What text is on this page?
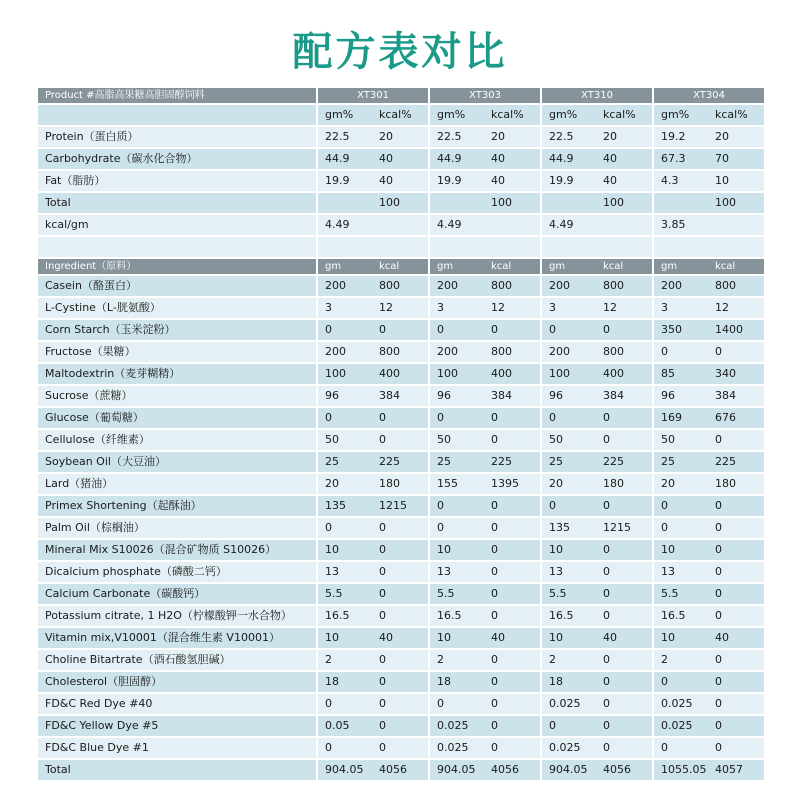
配方表对比
Product #高脂高果糖高胆固醇饲料	XT301		XT303		XT310		XT304	
	gm%	kcal%	gm%	kcal%	gm%	kcal%	gm%	kcal%
Protein（蛋白质）	22.5	20	22.5	20	22.5	20	19.2	20
Carbohydrate（碳水化合物）	44.9	40	44.9	40	44.9	40	67.3	70
Fat（脂肪）	19.9	40	19.9	40	19.9	40	4.3	10
Total		100		100		100		100
kcal/gm	4.49		4.49		4.49		3.85	

Ingredient（原料）	gm	kcal	gm	kcal	gm	kcal	gm	kcal
Casein（酪蛋白）	200	800	200	800	200	800	200	800
L-Cystine（L-胱氨酸）	3	12	3	12	3	12	3	12
Corn Starch（玉米淀粉）	0	0	0	0	0	0	350	1400
Fructose（果糖）	200	800	200	800	200	800	0	0
Maltodextrin（麦芽糊精）	100	400	100	400	100	400	85	340
Sucrose（蔗糖）	96	384	96	384	96	384	96	384
Glucose（葡萄糖）	0	0	0	0	0	0	169	676
Cellulose（纤维素）	50	0	50	0	50	0	50	0
Soybean Oil（大豆油）	25	225	25	225	25	225	25	225
Lard（猪油）	20	180	155	1395	20	180	20	180
Primex Shortening（起酥油）	135	1215	0	0	0	0	0	0
Palm Oil（棕榈油）	0	0	0	0	135	1215	0	0
Mineral Mix S10026（混合矿物质 S10026）	10	0	10	0	10	0	10	0
Dicalcium phosphate（磷酸二钙）	13	0	13	0	13	0	13	0
Calcium Carbonate（碳酸钙）	5.5	0	5.5	0	5.5	0	5.5	0
Potassium citrate, 1 H2O（柠檬酸钾一水合物）	16.5	0	16.5	0	16.5	0	16.5	0
Vitamin mix,V10001（混合维生素 V10001）	10	40	10	40	10	40	10	40
Choline Bitartrate（酒石酸氢胆碱）	2	0	2	0	2	0	2	0
Cholesterol（胆固醇）	18	0	18	0	18	0	0	0
FD&C Red Dye #40	0	0	0	0	0.025	0	0.025	0
FD&C Yellow Dye #5	0.05	0	0.025	0	0	0	0.025	0
FD&C Blue Dye #1	0	0	0.025	0	0.025	0	0	0
Total	904.05	4056	904.05	4056	904.05	4056	1055.05	4057
